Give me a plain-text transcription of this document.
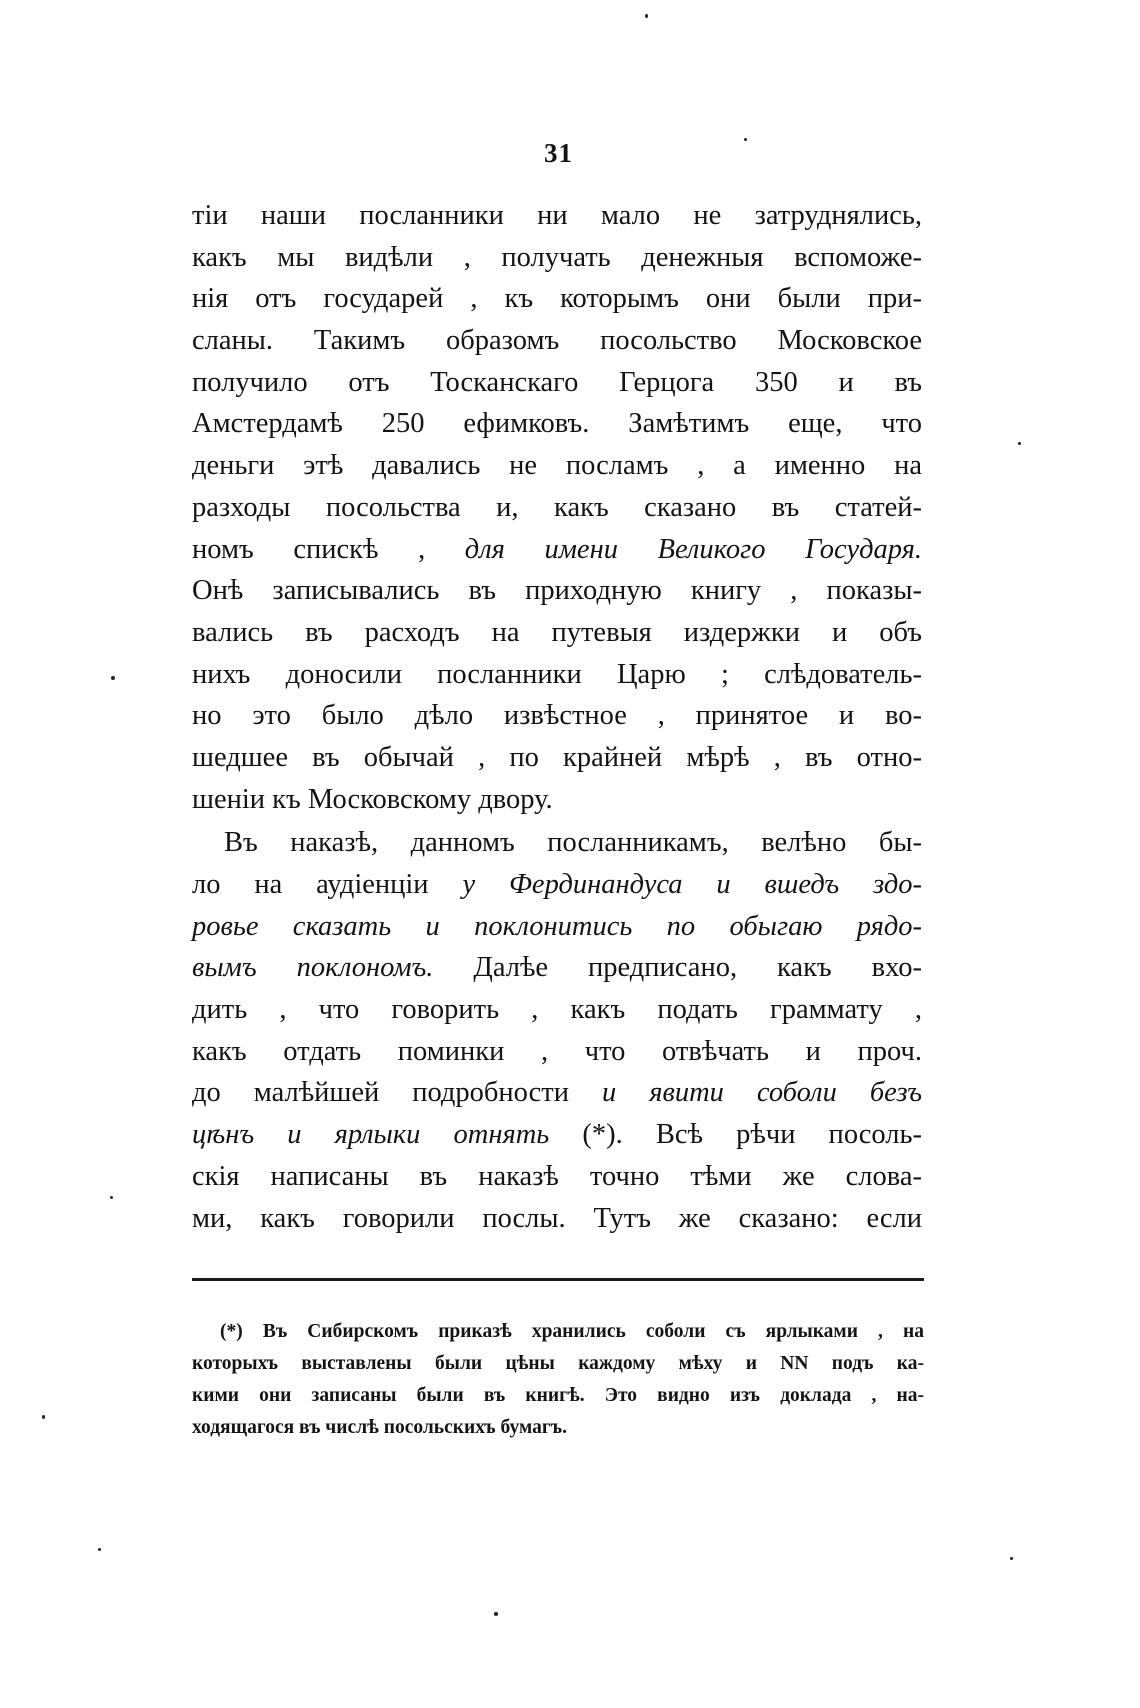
31
тіи наши посланники ни мало не затруднялись,
какъ мы видѣли , получать денежныя вспоможе-
нія отъ государей , къ которымъ они были при-
сланы. Такимъ образомъ посольство Московское
получило отъ Тосканскаго Герцога 350 и въ
Амстердамѣ 250 ефимковъ. Замѣтимъ еще, что
деньги этѣ давались не посламъ , а именно на
разходы посольства и, какъ сказано въ статей-
номъ спискѣ , для имени Великого Государя.
Онѣ записывались въ приходную книгу , показы-
вались въ расходъ на путевыя издержки и объ
нихъ доносили посланники Царю ; слѣдователь-
но это было дѣло извѣстное , принятое и во-
шедшее въ обычай , по крайней мѣрѣ , въ отно-
шеніи къ Московскому двору.
Въ наказѣ, данномъ посланникамъ, велѣно бы-
ло на аудіенціи у Фердинандуса и вшедъ здо-
ровье сказать и поклонитись по обыгаю рядо-
вымъ поклономъ. Далѣе предписано, какъ вхо-
дить , что говорить , какъ подать граммату ,
какъ отдать поминки , что отвѣчать и проч.
до малѣйшей подробности и явити соболи безъ
цѣнъ и ярлыки отнять (*). Всѣ рѣчи посоль-
скія написаны въ наказѣ точно тѣми же слова-
ми, какъ говорили послы. Тутъ же сказано: если
(*) Въ Сибирскомъ приказѣ хранились соболи съ ярлыками , на
которыхъ выставлены были цѣны каждому мѣху и NN подъ ка-
кими они записаны были въ книгѣ. Это видно изъ доклада , на-
ходящагося въ числѣ посольскихъ бумагъ.
